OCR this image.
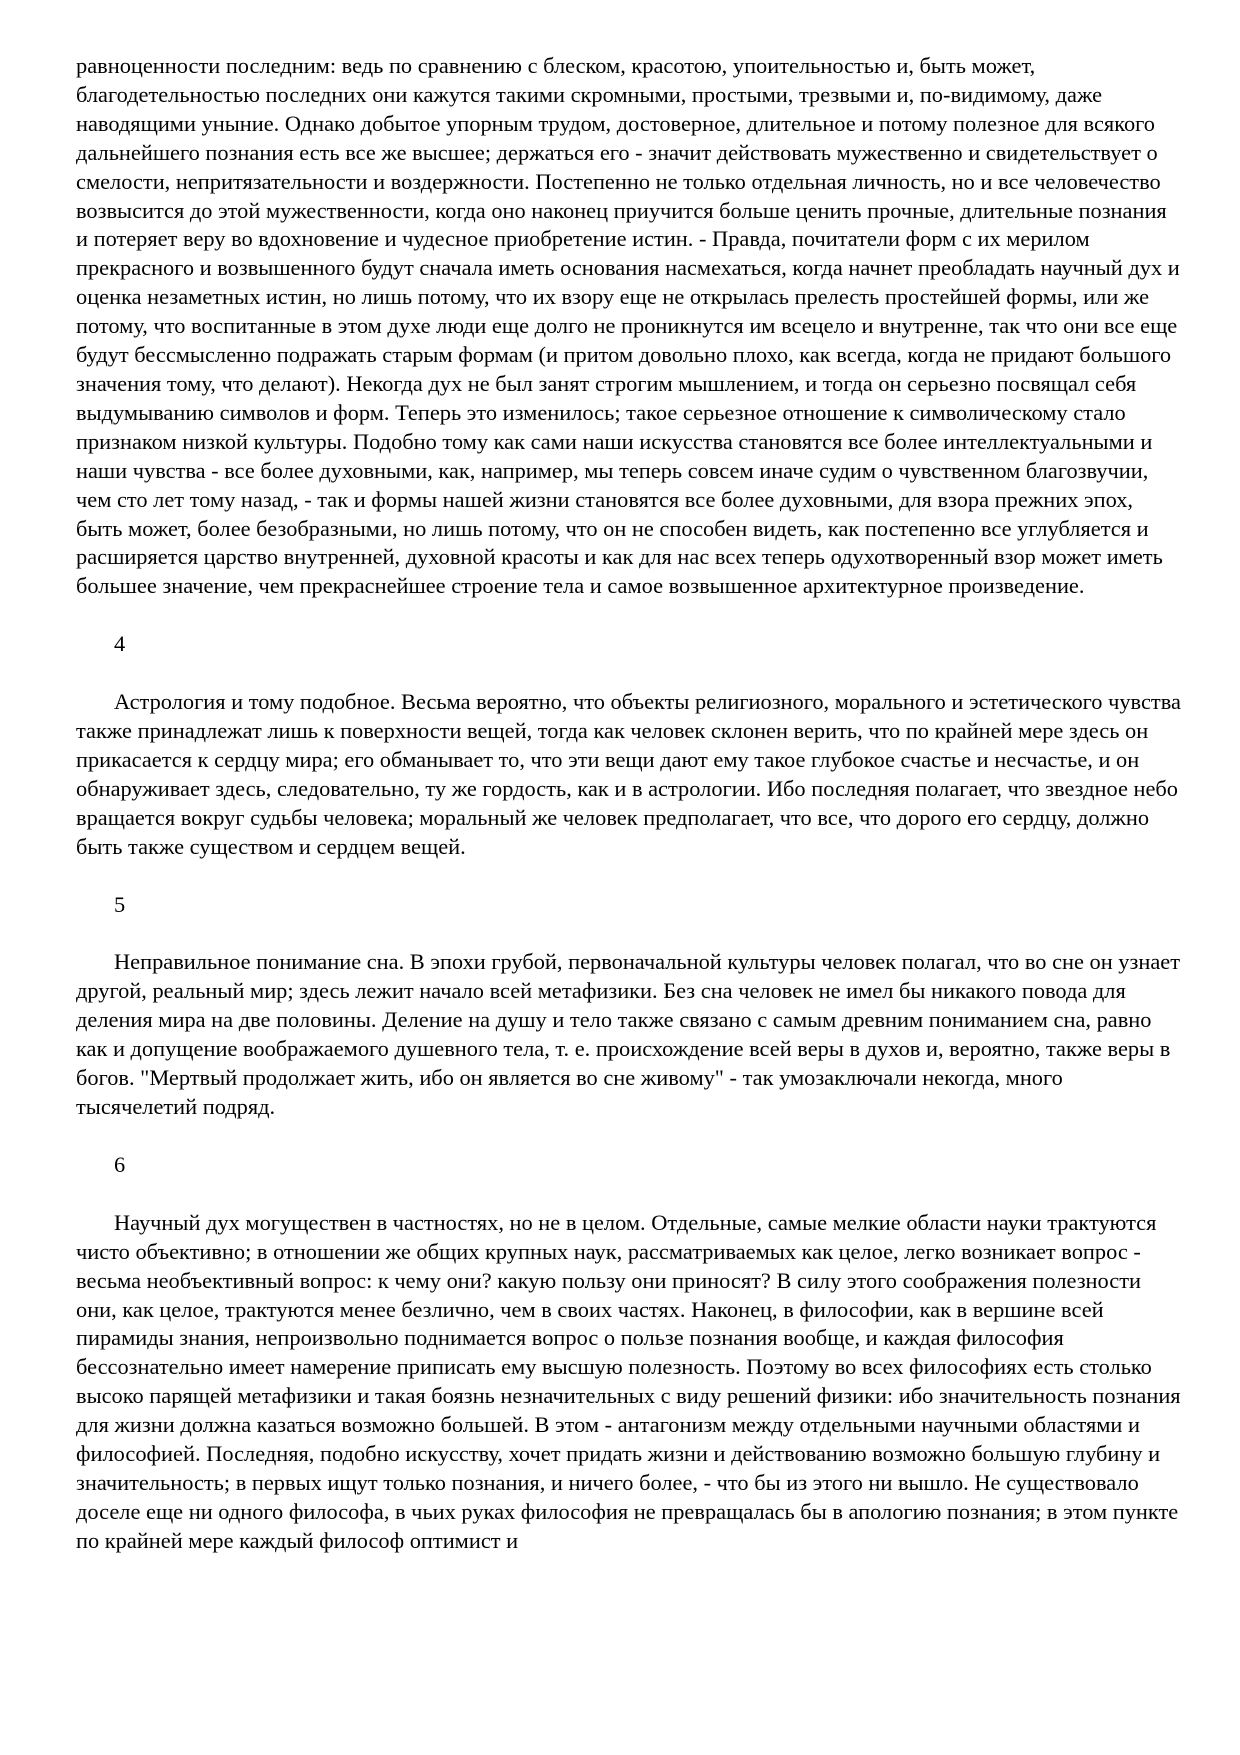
равноценности последним: ведь по сравнению с блеском, красотою, упоительностью и, быть может, благодетельностью последних они кажутся такими скромными, простыми, трезвыми и, по-видимому, даже наводящими уныние. Однако добытое упорным трудом, достоверное, длительное и потому полезное для всякого дальнейшего познания есть все же высшее; держаться его - значит действовать мужественно и свидетельствует о смелости, непритязательности и воздержности. Постепенно не только отдельная личность, но и все человечество возвысится до этой мужественности, когда оно наконец приучится больше ценить прочные, длительные познания и потеряет веру во вдохновение и чудесное приобретение истин. - Правда, почитатели форм с их мерилом прекрасного и возвышенного будут сначала иметь основания насмехаться, когда начнет преобладать научный дух и оценка незаметных истин, но лишь потому, что их взору еще не открылась прелесть простейшей формы, или же потому, что воспитанные в этом духе люди еще долго не проникнутся им всецело и внутренне, так что они все еще будут бессмысленно подражать старым формам (и притом довольно плохо, как всегда, когда не придают большого значения тому, что делают). Некогда дух не был занят строгим мышлением, и тогда он серьезно посвящал себя выдумыванию символов и форм. Теперь это изменилось; такое серьезное отношение к символическому стало признаком низкой культуры. Подобно тому как сами наши искусства становятся все более интеллектуальными и наши чувства - все более духовными, как, например, мы теперь совсем иначе судим о чувственном благозвучии, чем сто лет тому назад, - так и формы нашей жизни становятся все более духовными, для взора прежних эпох, быть может, более безобразными, но лишь потому, что он не способен видеть, как постепенно все углубляется и расширяется царство внутренней, духовной красоты и как для нас всех теперь одухотворенный взор может иметь большее значение, чем прекраснейшее строение тела и самое возвышенное архитектурное произведение.

4

Астрология и тому подобное. Весьма вероятно, что объекты религиозного, морального и эстетического чувства также принадлежат лишь к поверхности вещей, тогда как человек склонен верить, что по крайней мере здесь он прикасается к сердцу мира; его обманывает то, что эти вещи дают ему такое глубокое счастье и несчастье, и он обнаруживает здесь, следовательно, ту же гордость, как и в астрологии. Ибо последняя полагает, что звездное небо вращается вокруг судьбы человека; моральный же человек предполагает, что все, что дорого его сердцу, должно быть также существом и сердцем вещей.

5

Неправильное понимание сна. В эпохи грубой, первоначальной культуры человек полагал, что во сне он узнает другой, реальный мир; здесь лежит начало всей метафизики. Без сна человек не имел бы никакого повода для деления мира на две половины. Деление на душу и тело также связано с самым древним пониманием сна, равно как и допущение воображаемого душевного тела, т. е. происхождение всей веры в духов и, вероятно, также веры в богов. "Мертвый продолжает жить, ибо он является во сне живому" - так умозаключали некогда, много тысячелетий подряд.

6

Научный дух могуществен в частностях, но не в целом. Отдельные, самые мелкие области науки трактуются чисто объективно; в отношении же общих крупных наук, рассматриваемых как целое, легко возникает вопрос - весьма необъективный вопрос: к чему они? какую пользу они приносят? В силу этого соображения полезности они, как целое, трактуются менее безлично, чем в своих частях. Наконец, в философии, как в вершине всей пирамиды знания, непроизвольно поднимается вопрос о пользе познания вообще, и каждая философия бессознательно имеет намерение приписать ему высшую полезность. Поэтому во всех философиях есть столько высоко парящей метафизики и такая боязнь незначительных с виду решений физики: ибо значительность познания для жизни должна казаться возможно большей. В этом - антагонизм между отдельными научными областями и философией. Последняя, подобно искусству, хочет придать жизни и действованию возможно большую глубину и значительность; в первых ищут только познания, и ничего более, - что бы из этого ни вышло. Не существовало доселе еще ни одного философа, в чьих руках философия не превращалась бы в апологию познания; в этом пункте по крайней мере каждый философ оптимист и
